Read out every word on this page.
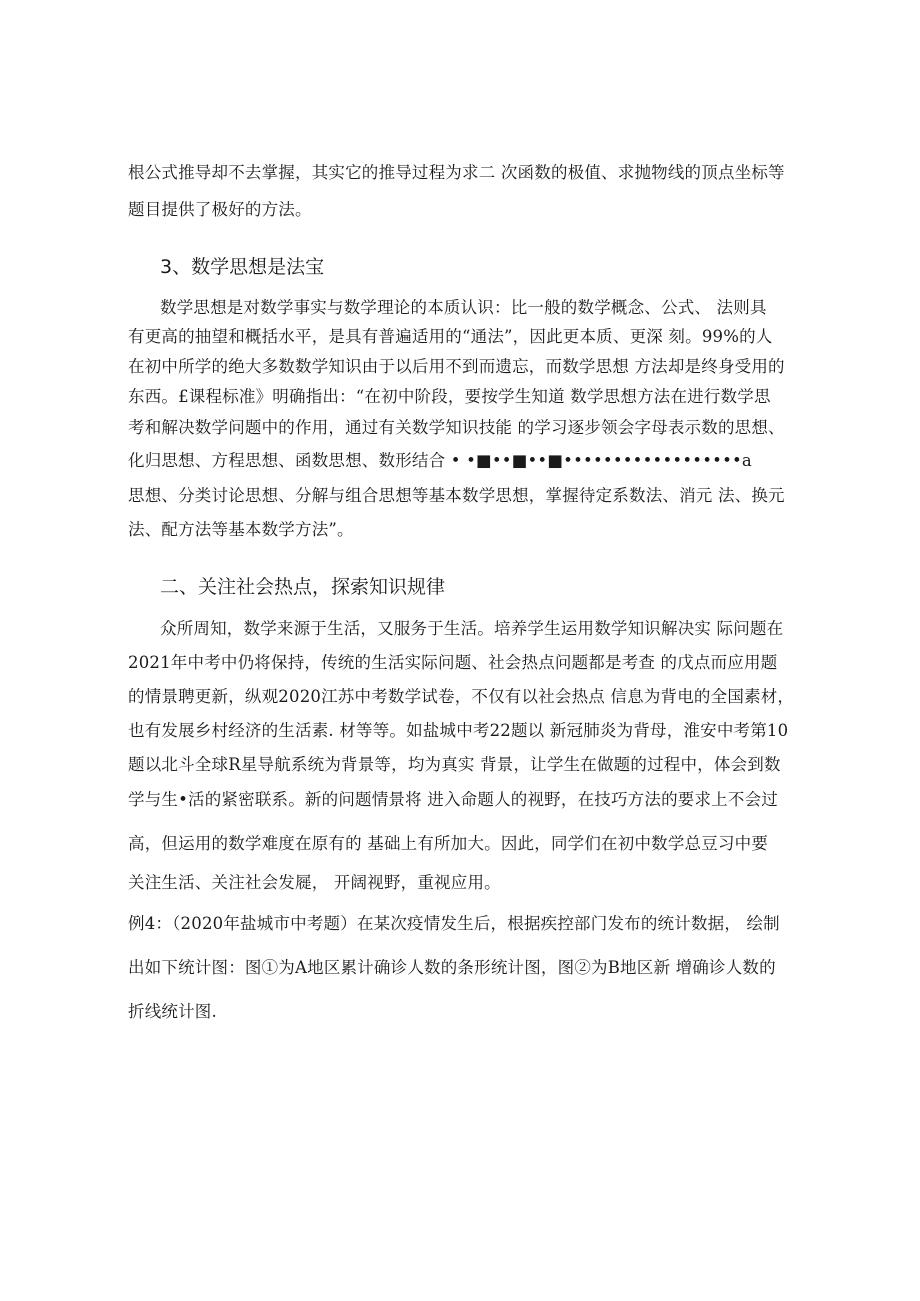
根公式推导却不去掌握，其实它的推导过程为求二 次函数的极值、求抛物线的顶点坐标等
题目提供了极好的方法。
3、数学思想是法宝
数学思想是对数学事实与数学理论的本质认识：比一般的数学概念、公式、 法则具
有更高的抽望和概括水平，是具有普遍适用的“通法”，因此更本质、更深 刻。99%的人
在初中所学的绝大多数数学知识由于以后用不到而遗忘，而数学思想 方法却是终身受用的
东西。£课程标准》明确指出：“在初中阶段，要按学生知道 数学思想方法在进行数学思
考和解决数学问题中的作用，通过有关数学知识技能 的学习逐步领会字母表示数的思想、
化归思想、方程思想、函数思想、数形结合 • •■••■••■••••••••••••••••••a
思想、分类讨论思想、分解与组合思想等基本数学思想，掌握待定系数法、消元 法、换元
法、配方法等基本数学方法”。
二、关注社会热点，探索知识规律
众所周知，数学来源于生活，又服务于生活。培养学生运用数学知识解决实 际问题在
2021年中考中仍将保持，传统的生活实际问题、社会热点问题都是考查 的戊点而应用题
的情景聘更新，纵观2020江苏中考数学试卷，不仅有以社会热点 信息为背电的全国素材，
也有发展乡村经济的生活素. 材等等。如盐城中考22题以 新冠肺炎为背母，淮安中考第10
题以北斗全球R星导航系统为背景等，均为真实 背景，让学生在做题的过程中，体会到数
学与生•活的紧密联系。新的问题情景将 进入命题人的视野，在技巧方法的要求上不会过
高，但运用的数学难度在原有的 基础上有所加大。因此，同学们在初中数学总豆习中要
关注生活、关注社会发屣， 开阔视野，重视应用。
例4：（2020年盐城市中考题）在某次疫情发生后，根据疾控部门发布的统计数据， 绘制
出如下统计图：图①为A地区累计确诊人数的条形统计图，图②为B地区新 增确诊人数的
折线统计图.
